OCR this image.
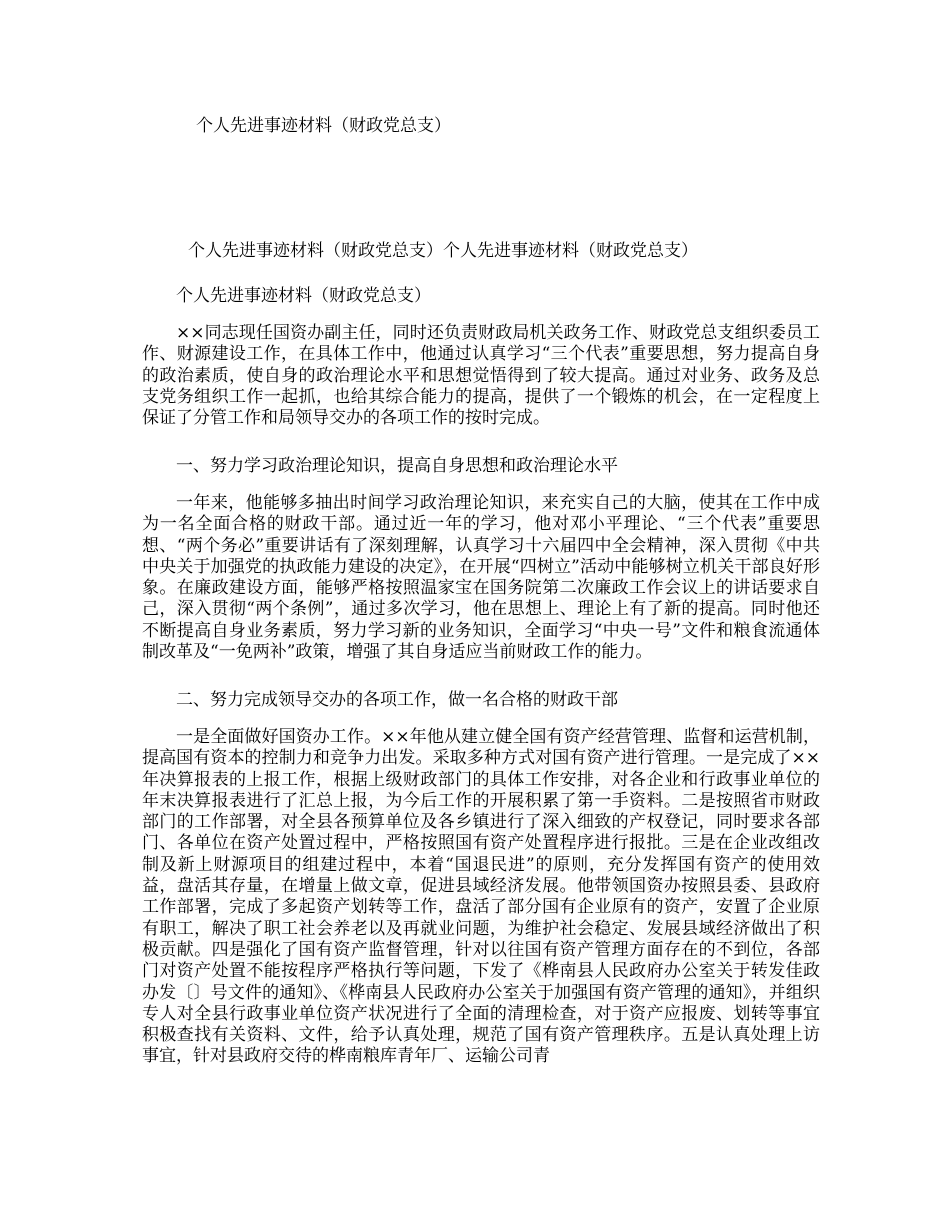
个人先进事迹材料（财政党总支）
个人先进事迹材料（财政党总支）个人先进事迹材料（财政党总支）
个人先进事迹材料（财政党总支）

××同志现任国资办副主任，同时还负责财政局机关政务工作、财政党总支组织委员工作、财源建设工作，在具体工作中，他通过认真学习“三个代表”重要思想，努力提高自身的政治素质，使自身的政治理论水平和思想觉悟得到了较大提高。通过对业务、政务及总支党务组织工作一起抓，也给其综合能力的提高，提供了一个锻炼的机会，在一定程度上保证了分管工作和局领导交办的各项工作的按时完成。

一、努力学习政治理论知识，提高自身思想和政治理论水平

一年来，他能够多抽出时间学习政治理论知识，来充实自己的大脑，使其在工作中成为一名全面合格的财政干部。通过近一年的学习，他对邓小平理论、“三个代表”重要思想、“两个务必”重要讲话有了深刻理解，认真学习十六届四中全会精神，深入贯彻《中共中央关于加强党的执政能力建设的决定》，在开展“四树立”活动中能够树立机关干部良好形象。在廉政建设方面，能够严格按照温家宝在国务院第二次廉政工作会议上的讲话要求自己，深入贯彻“两个条例”，通过多次学习，他在思想上、理论上有了新的提高。同时他还不断提高自身业务素质，努力学习新的业务知识，全面学习“中央一号”文件和粮食流通体制改革及“一免两补”政策，增强了其自身适应当前财政工作的能力。

二、努力完成领导交办的各项工作，做一名合格的财政干部

一是全面做好国资办工作。××年他从建立健全国有资产经营管理、监督和运营机制，提高国有资本的控制力和竞争力出发。采取多种方式对国有资产进行管理。一是完成了××年决算报表的上报工作，根据上级财政部门的具体工作安排，对各企业和行政事业单位的年末决算报表进行了汇总上报，为今后工作的开展积累了第一手资料。二是按照省市财政部门的工作部署，对全县各预算单位及各乡镇进行了深入细致的产权登记，同时要求各部门、各单位在资产处置过程中，严格按照国有资产处置程序进行报批。三是在企业改组改制及新上财源项目的组建过程中，本着“国退民进”的原则，充分发挥国有资产的使用效益，盘活其存量，在增量上做文章，促进县域经济发展。他带领国资办按照县委、县政府工作部署，完成了多起资产划转等工作，盘活了部分国有企业原有的资产，安置了企业原有职工，解决了职工社会养老以及再就业问题，为维护社会稳定、发展县域经济做出了积极贡献。四是强化了国有资产监督管理，针对以往国有资产管理方面存在的不到位，各部门对资产处置不能按程序严格执行等问题，下发了《桦南县人民政府办公室关于转发佳政办发〔〕号文件的通知》、《桦南县人民政府办公室关于加强国有资产管理的通知》，并组织专人对全县行政事业单位资产状况进行了全面的清理检查，对于资产应报废、划转等事宜积极查找有关资料、文件，给予认真处理，规范了国有资产管理秩序。五是认真处理上访事宜，针对县政府交待的桦南粮库青年厂、运输公司青
